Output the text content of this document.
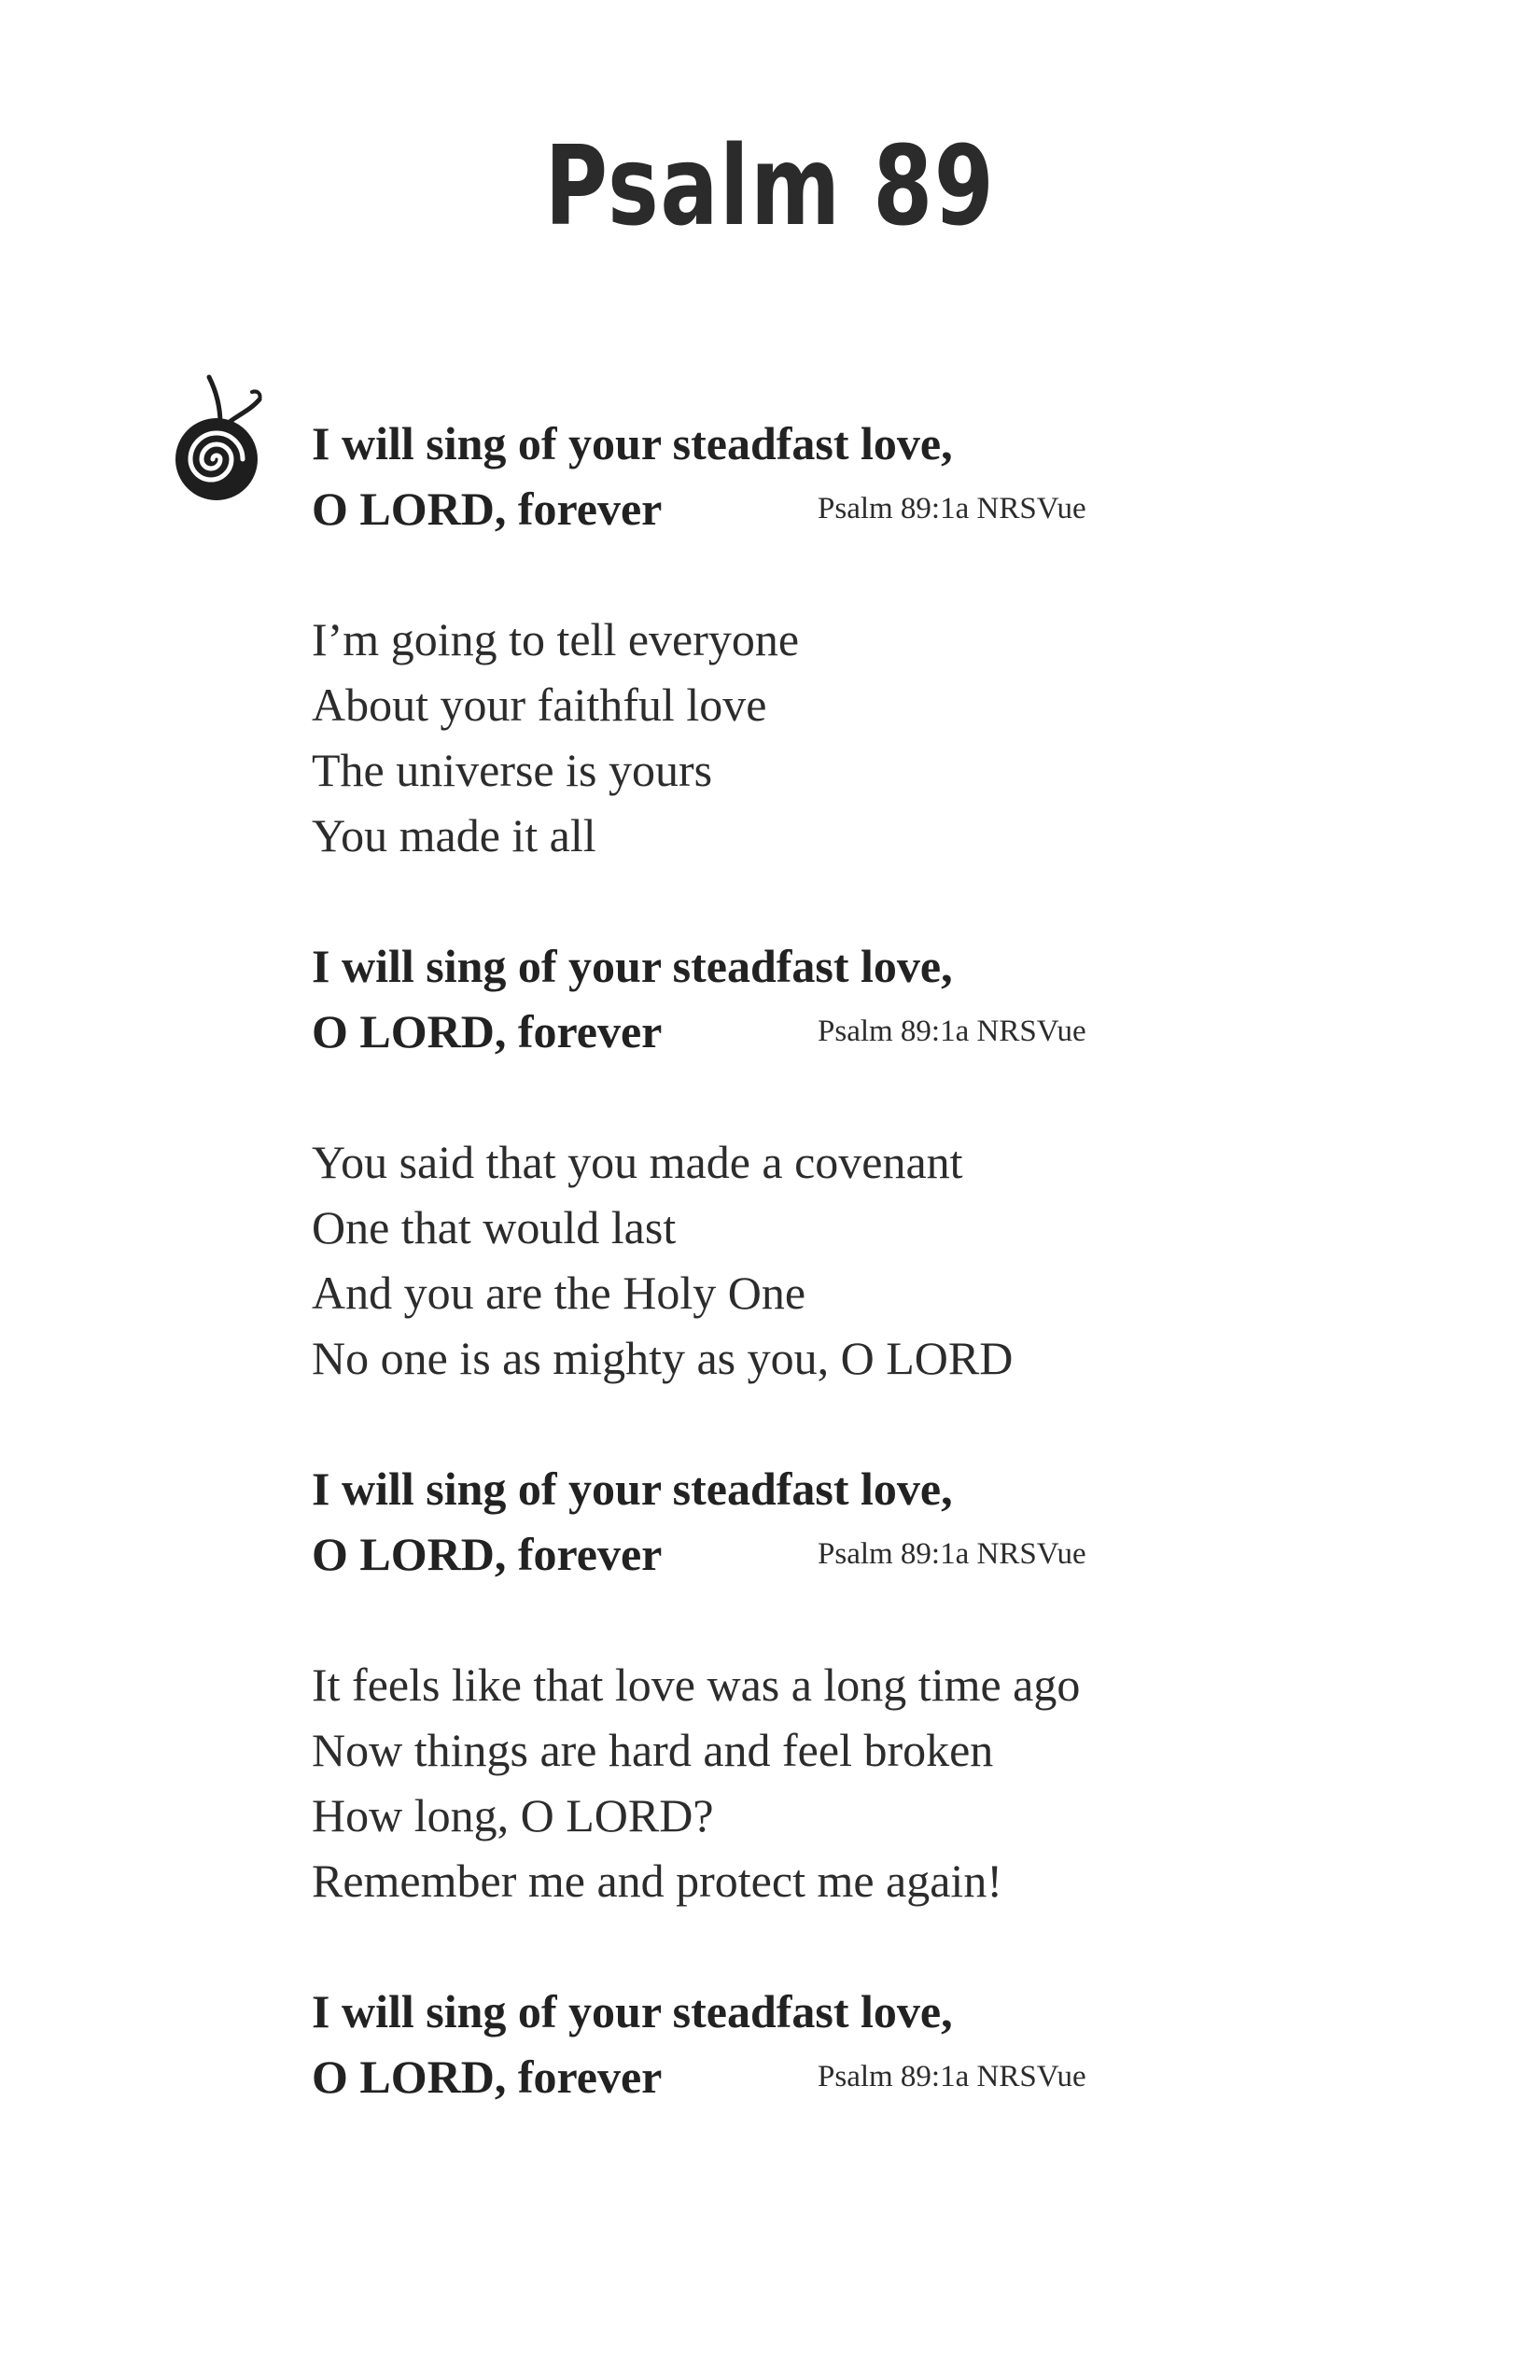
Psalm 89
I will sing of your steadfast love,
O LORD, forever	Psalm 89:1a NRSVue
I’m going to tell everyone
About your faithful love
The universe is yours
You made it all
I will sing of your steadfast love,
O LORD, forever	Psalm 89:1a NRSVue
You said that you made a covenant
One that would last
And you are the Holy One
No one is as mighty as you, O LORD
I will sing of your steadfast love,
O LORD, forever	Psalm 89:1a NRSVue
It feels like that love was a long time ago
Now things are hard and feel broken
How long, O LORD?
Remember me and protect me again!
I will sing of your steadfast love,
O LORD, forever	Psalm 89:1a NRSVue
